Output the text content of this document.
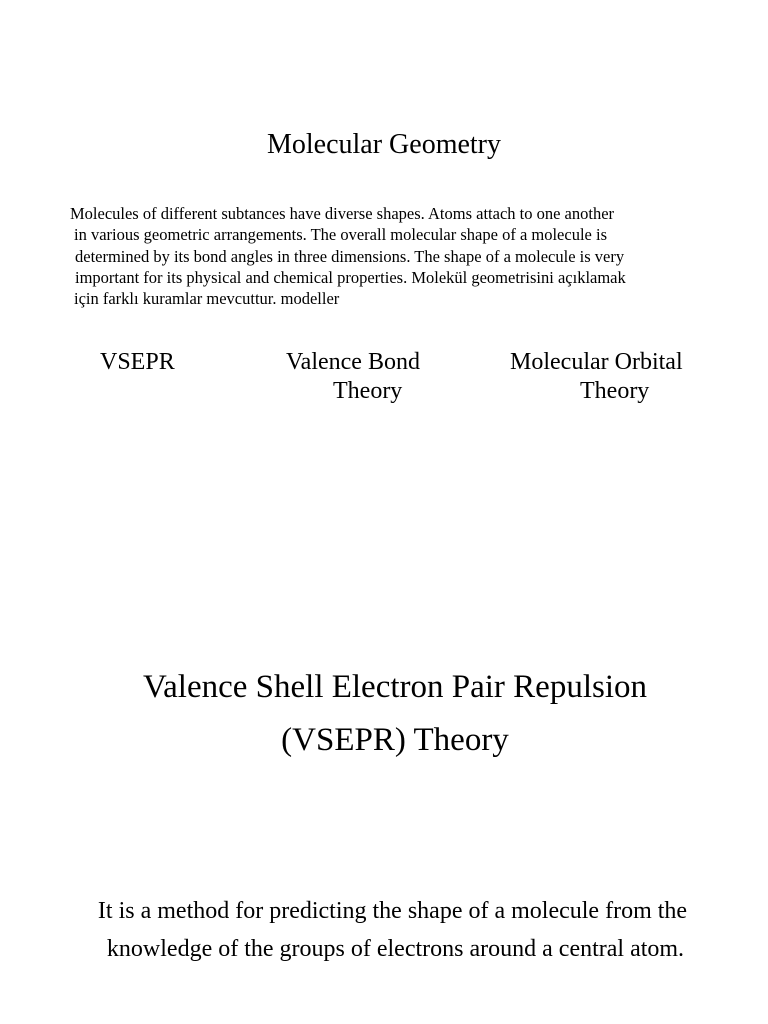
Molecular Geometry
Molecules of different subtances have diverse shapes. Atoms attach to one another
in various geometric arrangements. The overall molecular shape of a molecule is
determined by its bond angles in three dimensions. The shape of a molecule is very
important for its physical and chemical properties. Molekül geometrisini açıklamak
için farklı kuramlar mevcuttur. modeller
VSEPR	Valence Bond
Theory
Molecular Orbital
Theory
Valence Shell Electron Pair Repulsion
(VSEPR) Theory
It is a method for predicting the shape of a molecule from the
knowledge of the groups of electrons around a central atom.
